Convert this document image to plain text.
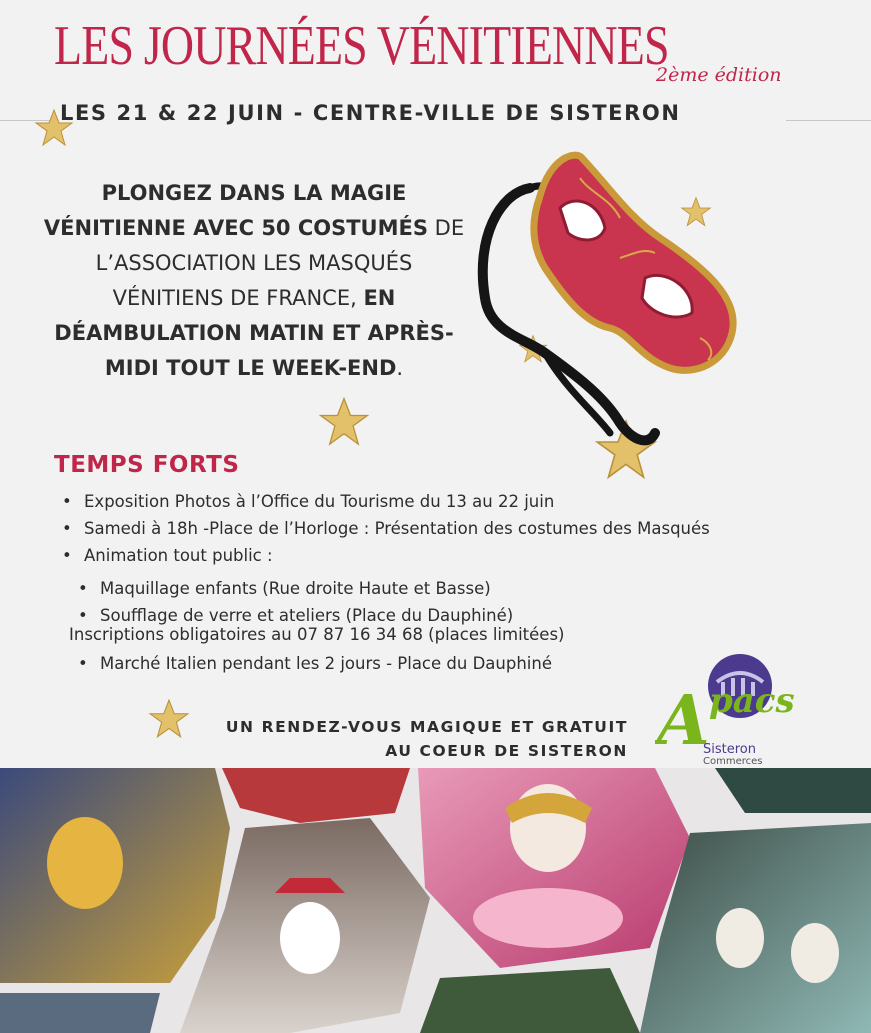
LES JOURNÉES VÉNITIENNES
2ème édition
LES 21 & 22 JUIN - CENTRE-VILLE DE SISTERON

PLONGEZ DANS LA MAGIE VÉNITIENNE AVEC 50 COSTUMÉS DE L’ASSOCIATION LES MASQUÉS VÉNITIENS DE FRANCE, EN DÉAMBULATION MATIN ET APRÈS-MIDI TOUT LE WEEK-END.

TEMPS FORTS
• Exposition Photos à l’Office du Tourisme du 13 au 22 juin
• Samedi à 18h -Place de l’Horloge : Présentation des costumes des Masqués
• Animation tout public :
• Maquillage enfants (Rue droite Haute et Basse)
• Soufflage de verre et ateliers (Place du Dauphiné)
Inscriptions obligatoires au 07 87 16 34 68 (places limitées)
• Marché Italien pendant les 2 jours - Place du Dauphiné

UN RENDEZ-VOUS MAGIQUE ET GRATUIT
AU COEUR DE SISTERON A pacs
Sisteron
Commerces
